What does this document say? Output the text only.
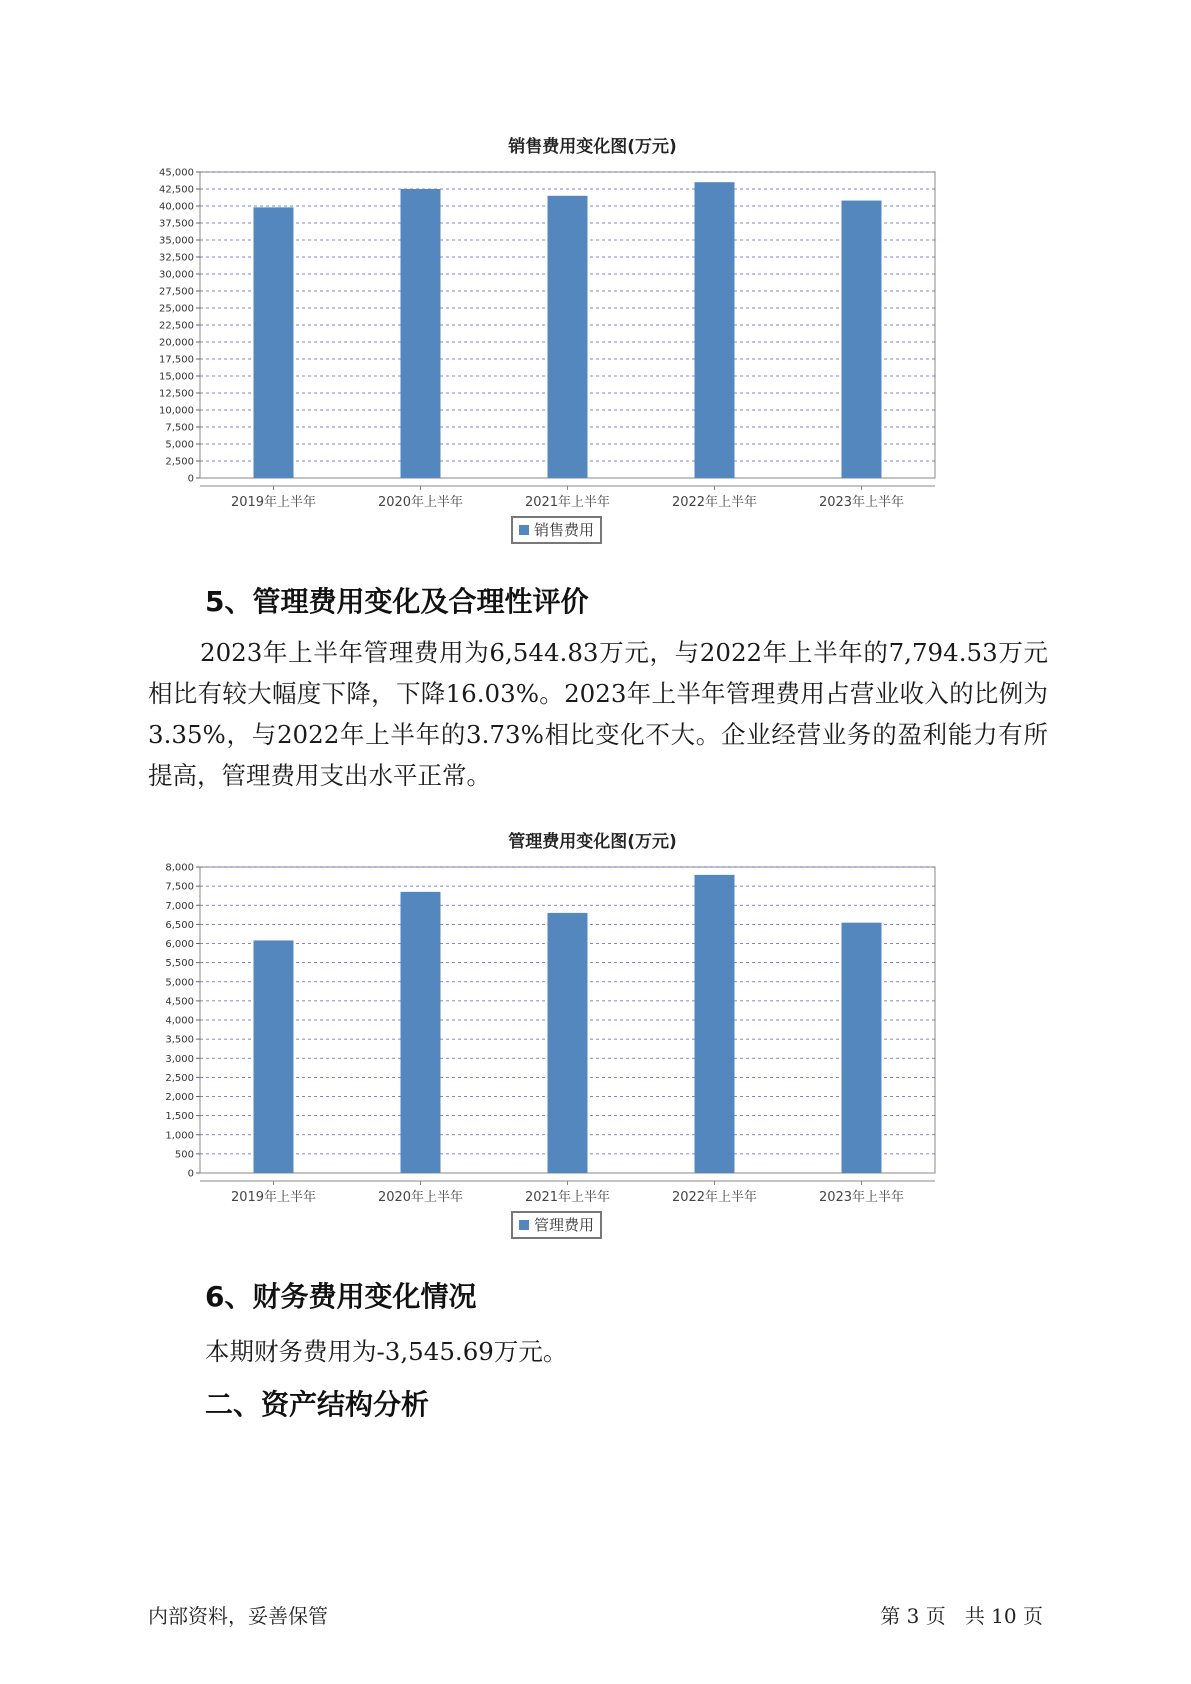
销售费用变化图(万元)
0
2,500
5,000
7,500
10,000
12,500
15,000
17,500
20,000
22,500
25,000
27,500
30,000
32,500
35,000
37,500
40,000
42,500
45,000
2019年上半年	2020年上半年	2021年上半年	2022年上半年	2023年上半年
销售费用
5、管理费用变化及合理性评价

2023年上半年管理费用为6,544.83万元，与2022年上半年的7,794.53万元相比有较大幅度下降，下降16.03%。2023年上半年管理费用占营业收入的比例为3.35%，与2022年上半年的3.73%相比变化不大。企业经营业务的盈利能力有所提高，管理费用支出水平正常。

管理费用变化图(万元)
0
500
1,000
1,500
2,000
2,500
3,000
3,500
4,000
4,500
5,000
5,500
6,000
6,500
7,000
7,500
8,000
2019年上半年	2020年上半年	2021年上半年	2022年上半年	2023年上半年
管理费用
6、财务费用变化情况

本期财务费用为-3,545.69万元。

二、资产结构分析
内部资料，妥善保管	第 3 页   共 10 页
